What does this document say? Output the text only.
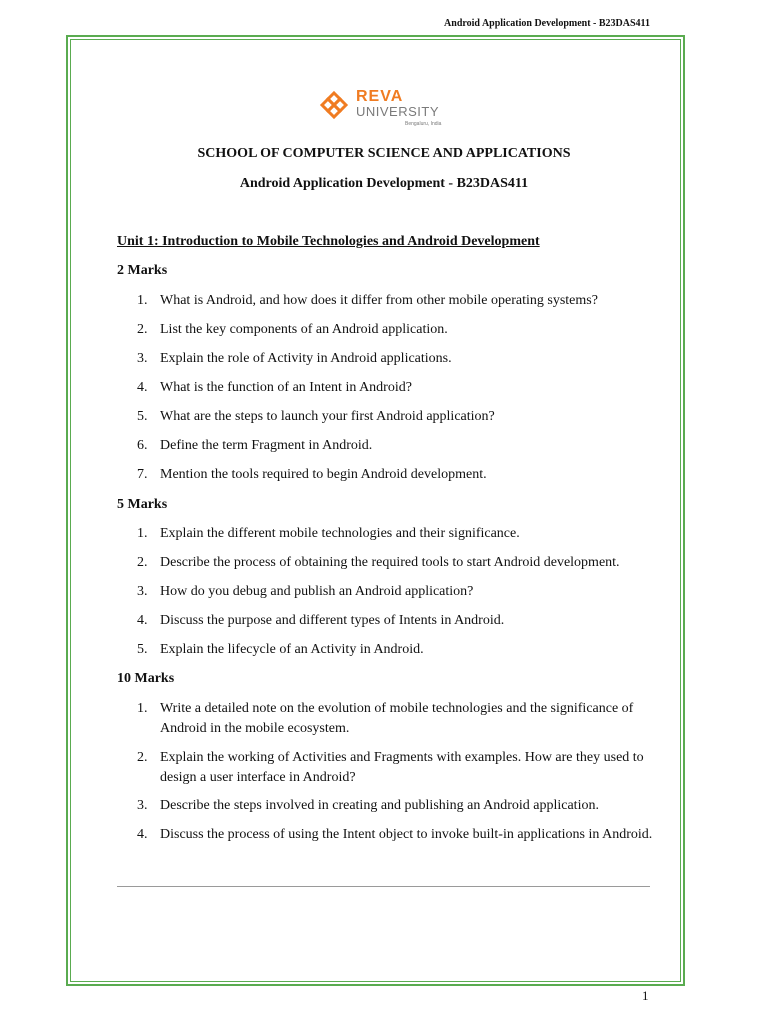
Android Application Development - B23DAS411
REVA
UNIVERSITY
Bengaluru, India
SCHOOL OF COMPUTER SCIENCE AND APPLICATIONS
Android Application Development - B23DAS411
Unit 1: Introduction to Mobile Technologies and Android Development
2 Marks
1. What is Android, and how does it differ from other mobile operating systems?
2. List the key components of an Android application.
3. Explain the role of Activity in Android applications.
4. What is the function of an Intent in Android?
5. What are the steps to launch your first Android application?
6. Define the term Fragment in Android.
7. Mention the tools required to begin Android development.
5 Marks
1. Explain the different mobile technologies and their significance.
2. Describe the process of obtaining the required tools to start Android development.
3. How do you debug and publish an Android application?
4. Discuss the purpose and different types of Intents in Android.
5. Explain the lifecycle of an Activity in Android.
10 Marks
1. Write a detailed note on the evolution of mobile technologies and the significance of Android in the mobile ecosystem.
2. Explain the working of Activities and Fragments with examples. How are they used to design a user interface in Android?
3. Describe the steps involved in creating and publishing an Android application.
4. Discuss the process of using the Intent object to invoke built-in applications in Android.
1
